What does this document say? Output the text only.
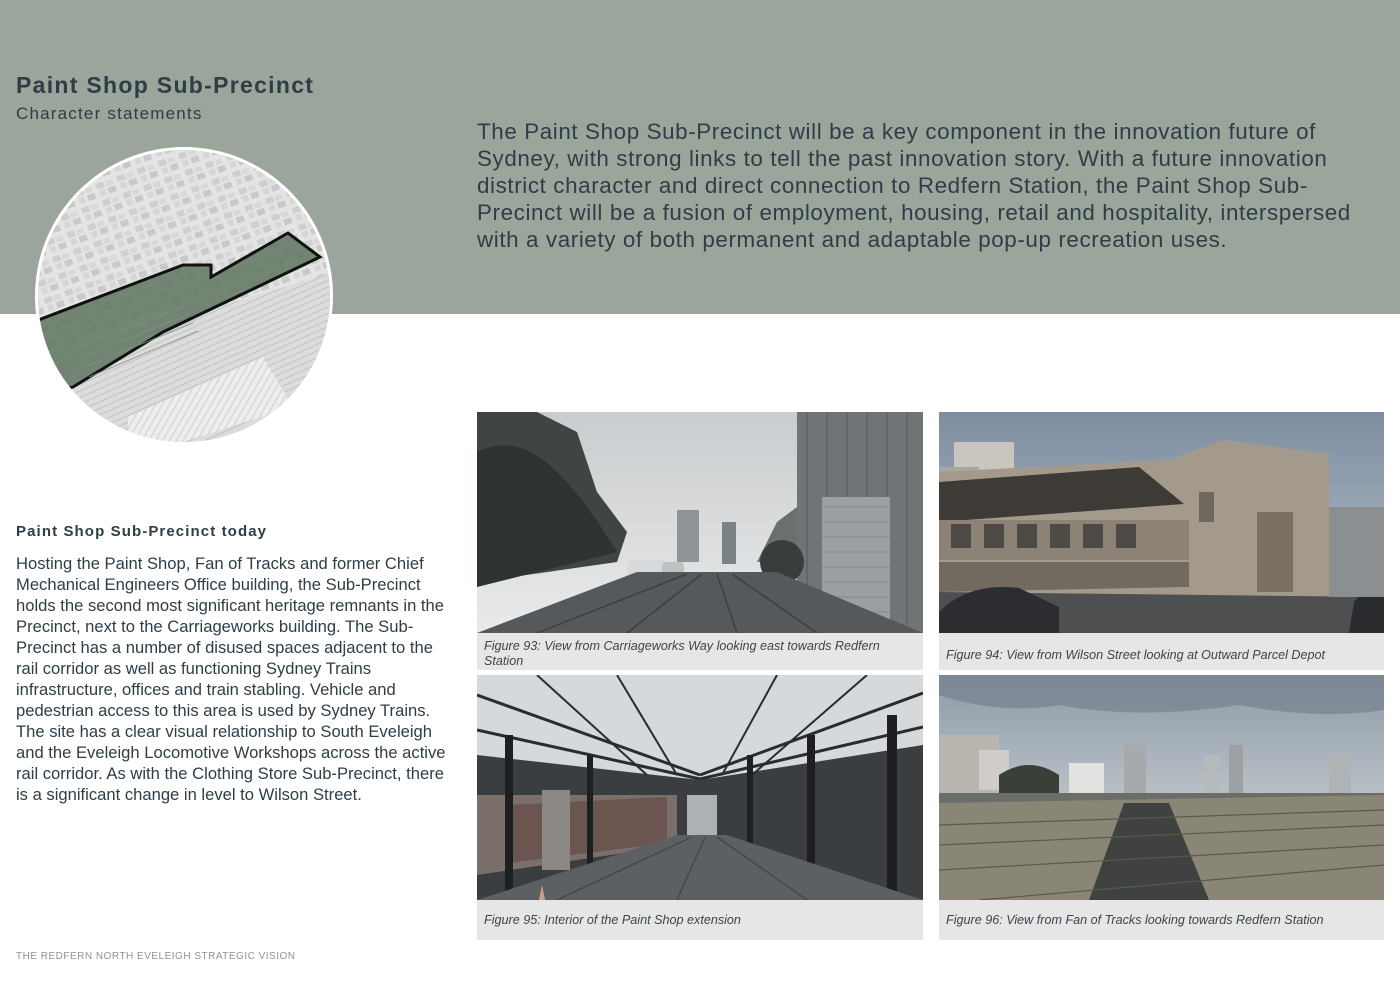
Paint Shop Sub-Precinct

Character statements

The Paint Shop Sub-Precinct will be a key component in the innovation future of Sydney, with strong links to tell the past innovation story. With a future innovation district character and direct connection to Redfern Station, the Paint Shop Sub-Precinct will be a fusion of employment, housing, retail and hospitality, interspersed with a variety of both permanent and adaptable pop-up recreation uses.

Paint Shop Sub-Precinct today

Hosting the Paint Shop, Fan of Tracks and former Chief Mechanical Engineers Office building, the Sub-Precinct holds the second most significant heritage remnants in the Precinct, next to the Carriageworks building. The Sub-Precinct has a number of disused spaces adjacent to the rail corridor as well as functioning Sydney Trains infrastructure, offices and train stabling. Vehicle and pedestrian access to this area is used by Sydney Trains. The site has a clear visual relationship to South Eveleigh and the Eveleigh Locomotive Workshops across the active rail corridor. As with the Clothing Store Sub-Precinct, there is a significant change in level to Wilson Street.

Figure 93: View from Carriageworks Way looking east towards Redfern Station	Figure 94: View from Wilson Street looking at Outward Parcel Depot

Figure 95: Interior of the Paint Shop extension	Figure 96: View from Fan of Tracks looking towards Redfern Station

THE REDFERN NORTH EVELEIGH STRATEGIC VISION
